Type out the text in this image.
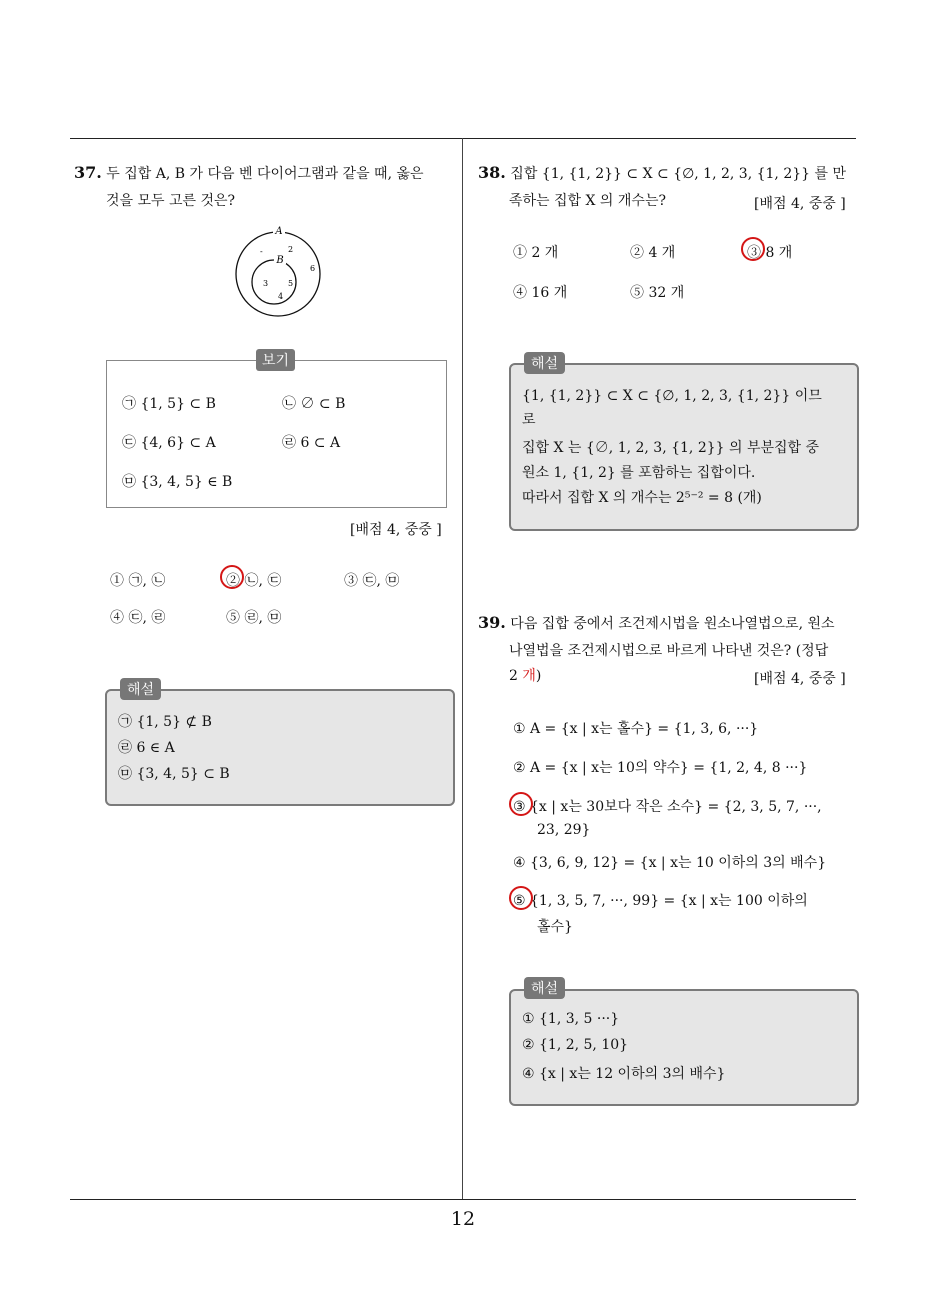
12
37. 두 집합 A, B 가 다음 벤 다이어그램과 같을 때, 옳은
것을 모두 고른 것은?
A
B
-	2
6
3 5
4
보기
㉠ {1, 5} ⊂ B	㉡ ∅ ⊂ B
㉢ {4, 6} ⊂ A	㉣ 6 ⊂ A
㉤ {3, 4, 5} ∈ B
[배점 4, 중중 ]
① ㉠, ㉡	② ㉡, ㉢	③ ㉢, ㉤
④ ㉢, ㉣	⑤ ㉣, ㉤
해설
㉠ {1, 5} ⊄ B
㉣ 6 ∈ A
㉤ {3, 4, 5} ⊂ B
38. 집합 {1, {1, 2}} ⊂ X ⊂ {∅, 1, 2, 3, {1, 2}} 를 만
족하는 집합 X 의 개수는?	[배점 4, 중중 ]
① 2 개	② 4 개	③ 8 개
④ 16 개	⑤ 32 개
해설
{1, {1, 2}} ⊂ X ⊂ {∅, 1, 2, 3, {1, 2}} 이므
로
집합 X 는 {∅, 1, 2, 3, {1, 2}} 의 부분집합 중
원소 1, {1, 2} 를 포함하는 집합이다.
따라서 집합 X 의 개수는 2⁵⁻² = 8 (개)
39. 다음 집합 중에서 조건제시법을 원소나열법으로, 원소
나열법을 조건제시법으로 바르게 나타낸 것은? (정답
2 개)	[배점 4, 중중 ]
① A = {x | x는 홀수} = {1, 3, 6, ···}
② A = {x | x는 10의 약수} = {1, 2, 4, 8 ···}
③ {x | x는 30보다 작은 소수} = {2, 3, 5, 7, ···,
23, 29}
④ {3, 6, 9, 12} = {x | x는 10 이하의 3의 배수}
⑤ {1, 3, 5, 7, ···, 99} = {x | x는 100 이하의
홀수}
해설
① {1, 3, 5 ···}
② {1, 2, 5, 10}
④ {x | x는 12 이하의 3의 배수}
